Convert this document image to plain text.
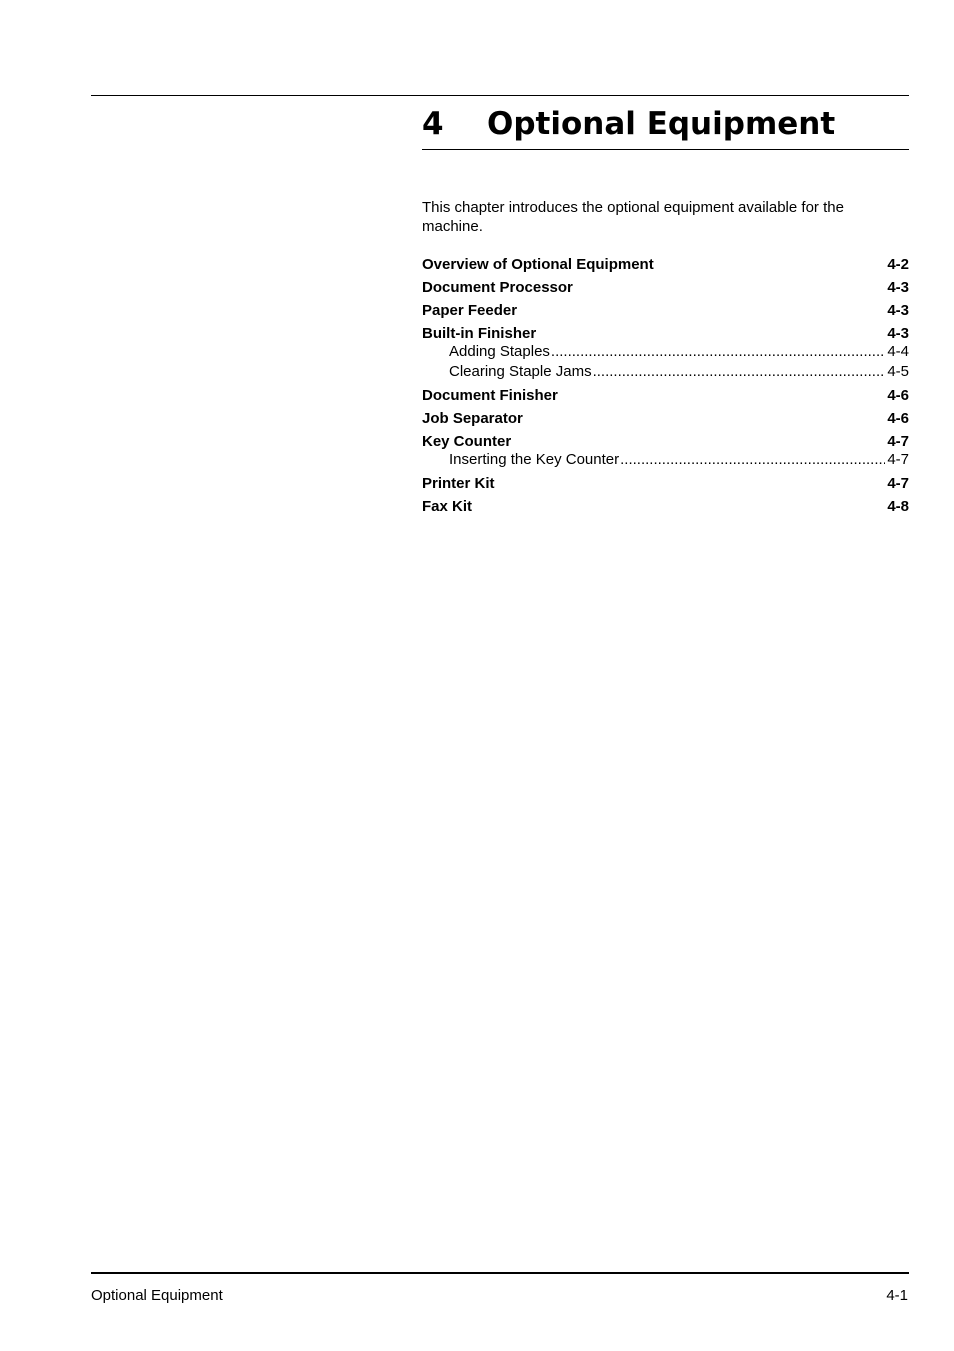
4 Optional Equipment

This chapter introduces the optional equipment available for the machine.

Overview of Optional Equipment	4-2
Document Processor	4-3
Paper Feeder	4-3
Built-in Finisher	4-3
Adding Staples .....	4-4
Clearing Staple Jams .....	4-5
Document Finisher	4-6
Job Separator	4-6
Key Counter	4-7
Inserting the Key Counter .....	4-7
Printer Kit	4-7
Fax Kit	4-8
Optional Equipment	4-1
